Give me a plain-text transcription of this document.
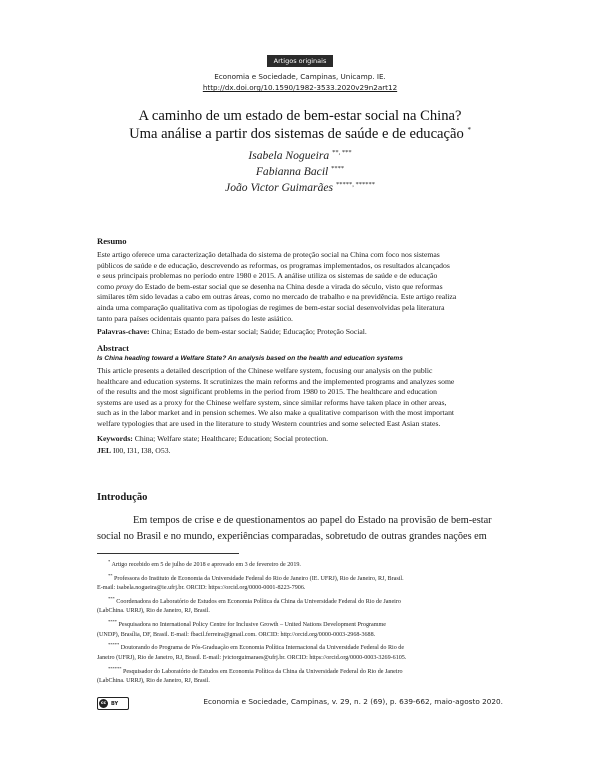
Artigos originais
Economia e Sociedade, Campinas, Unicamp. IE.
http://dx.doi.org/10.1590/1982-3533.2020v29n2art12
A caminho de um estado de bem-estar social na China?
Uma análise a partir dos sistemas de saúde e de educação *
Isabela Nogueira **, ***
Fabianna Bacil ****
João Victor Guimarães *****, ******
Resumo
Este artigo oferece uma caracterização detalhada do sistema de proteção social na China com foco nos sistemas
públicos de saúde e de educação, descrevendo as reformas, os programas implementados, os resultados alcançados
e seus principais problemas no período entre 1980 e 2015. A análise utiliza os sistemas de saúde e de educação
como proxy do Estado de bem-estar social que se desenha na China desde a virada do século, visto que reformas
similares têm sido levadas a cabo em outras áreas, como no mercado de trabalho e na previdência. Este artigo realiza
ainda uma comparação qualitativa com as tipologias de regimes de bem-estar social desenvolvidas pela literatura
tanto para países ocidentais quanto para países do leste asiático.
Palavras-chave: China; Estado de bem-estar social; Saúde; Educação; Proteção Social.
Abstract
Is China heading toward a Welfare State? An analysis based on the health and education systems
This article presents a detailed description of the Chinese welfare system, focusing our analysis on the public
healthcare and education systems. It scrutinizes the main reforms and the implemented programs and analyzes some
of the results and the most significant problems in the period from 1980 to 2015. The healthcare and education
systems are used as a proxy for the Chinese welfare system, since similar reforms have taken place in other areas,
such as in the labor market and in pension schemes. We also make a qualitative comparison with the most important
welfare typologies that are used in the literature to study Western countries and some selected East Asian states.
Keywords: China; Welfare state; Healthcare; Education; Social protection.
JEL I00, I31, I38, O53.
Introdução
Em tempos de crise e de questionamentos ao papel do Estado na provisão de bem-estar
social no Brasil e no mundo, experiências comparadas, sobretudo de outras grandes nações em
* Artigo recebido em 5 de julho de 2018 e aprovado em 3 de fevereiro de 2019.
** Professora do Instituto de Economia da Universidade Federal do Rio de Janeiro (IE. UFRJ), Rio de Janeiro, RJ, Brasil.
E-mail: isabela.nogueira@ie.ufrj.br. ORCID: https://orcid.org/0000-0001-8223-7906.
*** Coordenadora do Laboratório de Estudos em Economia Política da China da Universidade Federal do Rio de Janeiro
(LabChina. URRJ), Rio de Janeiro, RJ, Brasil.
**** Pesquisadora no International Policy Centre for Inclusive Growth – United Nations Development Programme
(UNDP), Brasília, DF, Brasil. E-mail: fbacil.ferreira@gmail.com. ORCID: http://orcid.org/0000-0003-2968-3688.
***** Doutorando do Programa de Pós-Graduação em Economia Política Internacional da Universidade Federal do Rio de
Janeiro (UFRJ), Rio de Janeiro, RJ, Brasil. E-mail: jvictorguimaraes@ufrj.br. ORCID: https://orcid.org/0000-0003-3269-6105.
****** Pesquisador do Laboratório de Estudos em Economia Política da China da Universidade Federal do Rio de Janeiro
(LabChina. URRJ), Rio de Janeiro, RJ, Brasil.
cc BY	Economia e Sociedade, Campinas, v. 29, n. 2 (69), p. 639-662, maio-agosto 2020.
